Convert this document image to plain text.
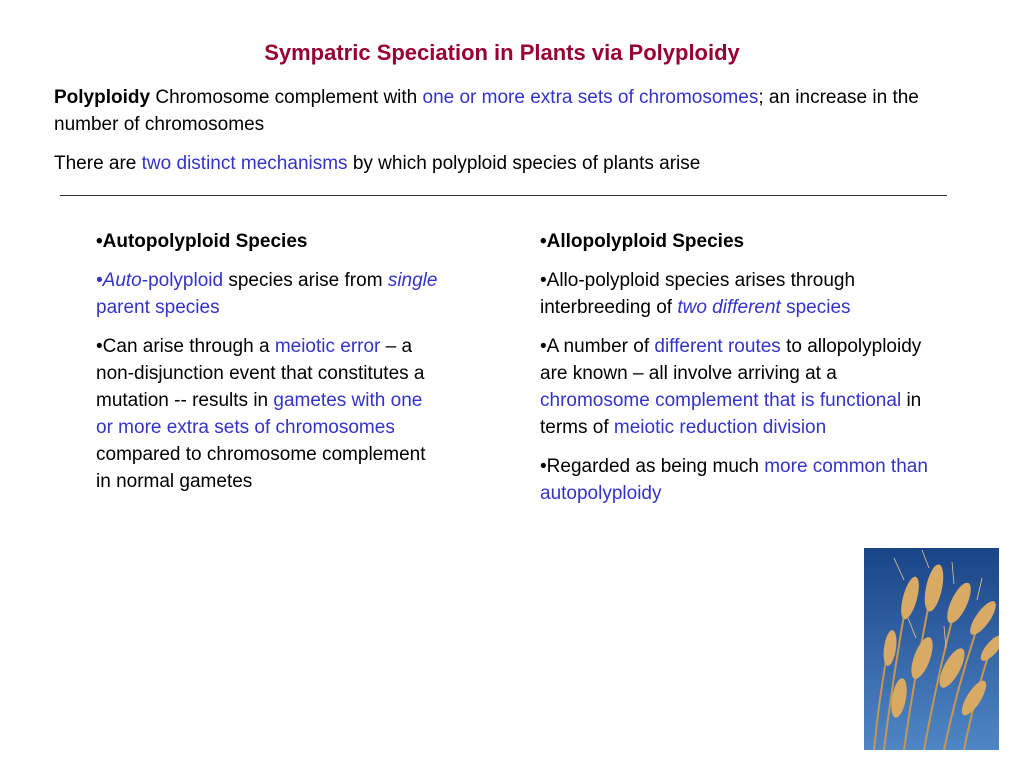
Sympatric Speciation in Plants via Polyploidy

Polyploidy Chromosome complement with one or more extra sets of chromosomes; an increase in the number of chromosomes

There are two distinct mechanisms by which polyploid species of plants arise

•Autopolyploid Species

•Auto-polyploid species arise from single parent species

•Can arise through a meiotic error – a non-disjunction event that constitutes a mutation -- results in gametes with one or more extra sets of chromosomes compared to chromosome complement in normal gametes

•Allopolyploid Species

•Allo-polyploid species arises through interbreeding of two different species

•A number of different routes to allopolyploidy are known – all involve arriving at a chromosome complement that is functional in terms of meiotic reduction division

•Regarded as being much more common than autopolyploidy
